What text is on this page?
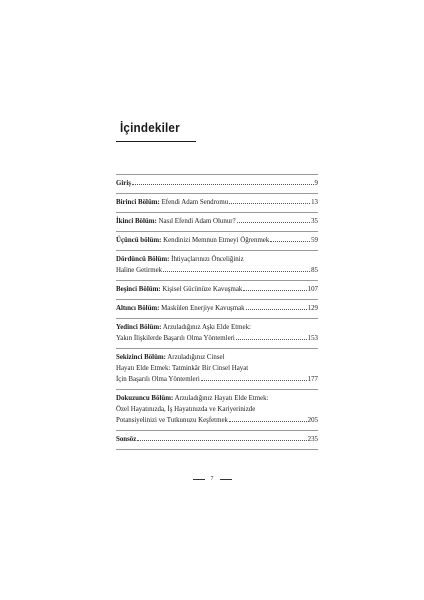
İçindekiler
Giriş	9
Birinci Bölüm: Efendi Adam Sendromu	13
İkinci Bölüm: Nasıl Efendi Adam Olunur?	35
Üçüncü bölüm: Kendinizi Memnun Etmeyi Öğrenmek	59
Dördüncü Bölüm: İhtiyaçlarınızı Önceliğiniz
Haline Getirmek	85
Beşinci Bölüm: Kişisel Gücünüze Kavuşmak	107
Altıncı Bölüm: Maskülen Enerjiye Kavuşmak	129
Yedinci Bölüm: Arzuladığınız Aşkı Elde Etmek:
Yakın İlişkilerde Başarılı Olma Yöntemleri	153
Sekizinci Bölüm: Arzuladığınız Cinsel
Hayatı Elde Etmek: Tatminkâr Bir Cinsel Hayat
İçin Başarılı Olma Yöntemleri	177
Dokuzuncu Bölüm: Arzuladığınız Hayatı Elde Etmek:
Özel Hayatınızda, İş Hayatınızda ve Kariyerinizde
Potansiyelinizi ve Tutkunuzu Keşfetmek	205
Sonsöz	235
7
